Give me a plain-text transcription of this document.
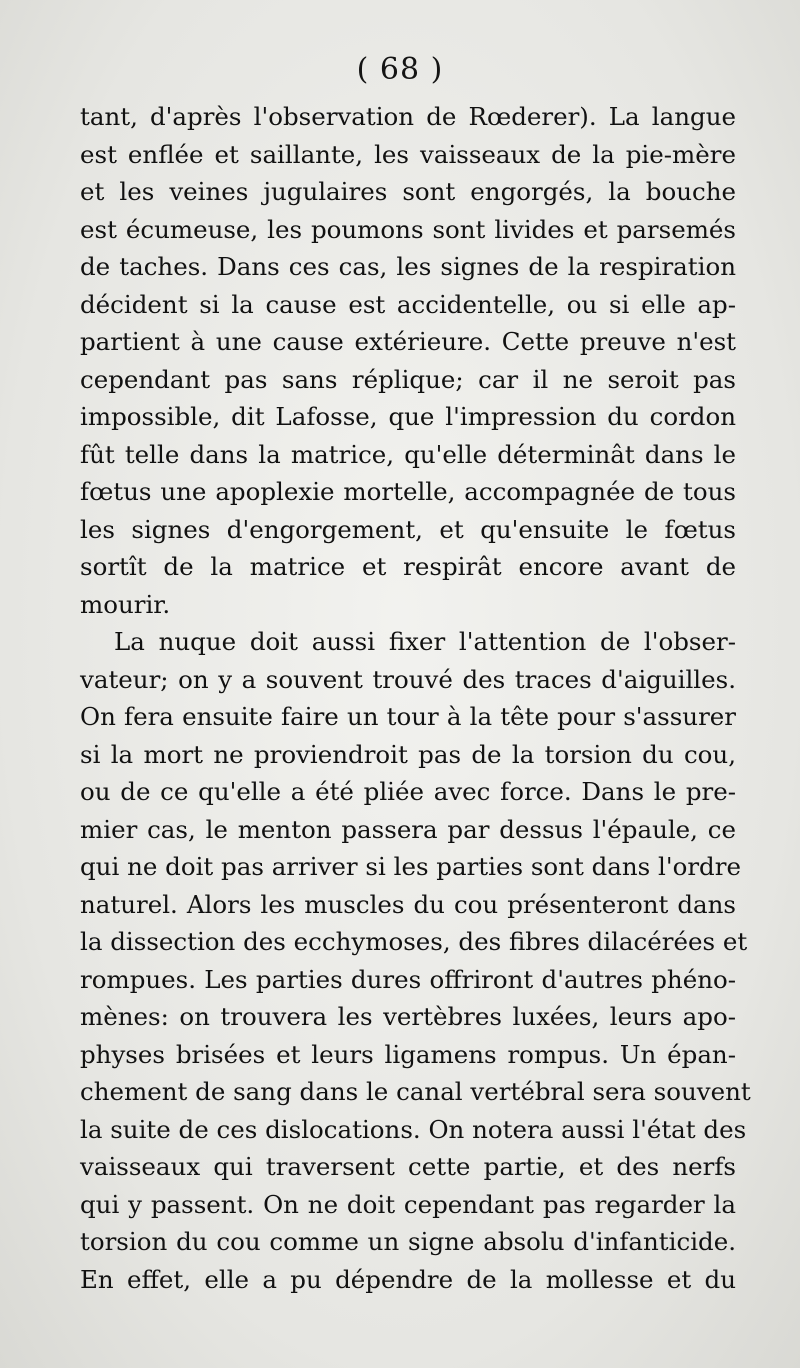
( 68 )
tant, d'après l'observation de Rœderer). La langue
est enflée et saillante, les vaisseaux de la pie-mère
et les veines jugulaires sont engorgés, la bouche
est écumeuse, les poumons sont livides et parsemés
de taches. Dans ces cas, les signes de la respiration
décident si la cause est accidentelle, ou si elle ap-
partient à une cause extérieure. Cette preuve n'est
cependant pas sans réplique; car il ne seroit pas
impossible, dit Lafosse, que l'impression du cordon
fût telle dans la matrice, qu'elle déterminât dans le
fœtus une apoplexie mortelle, accompagnée de tous
les signes d'engorgement, et qu'ensuite le fœtus
sortît de la matrice et respirât encore avant de
mourir.
La nuque doit aussi fixer l'attention de l'obser-
vateur; on y a souvent trouvé des traces d'aiguilles.
On fera ensuite faire un tour à la tête pour s'assurer
si la mort ne proviendroit pas de la torsion du cou,
ou de ce qu'elle a été pliée avec force. Dans le pre-
mier cas, le menton passera par dessus l'épaule, ce
qui ne doit pas arriver si les parties sont dans l'ordre
naturel. Alors les muscles du cou présenteront dans
la dissection des ecchymoses, des fibres dilacérées et
rompues. Les parties dures offriront d'autres phéno-
mènes: on trouvera les vertèbres luxées, leurs apo-
physes brisées et leurs ligamens rompus. Un épan-
chement de sang dans le canal vertébral sera souvent
la suite de ces dislocations. On notera aussi l'état des
vaisseaux qui traversent cette partie, et des nerfs
qui y passent. On ne doit cependant pas regarder la
torsion du cou comme un signe absolu d'infanticide.
En effet, elle a pu dépendre de la mollesse et du
